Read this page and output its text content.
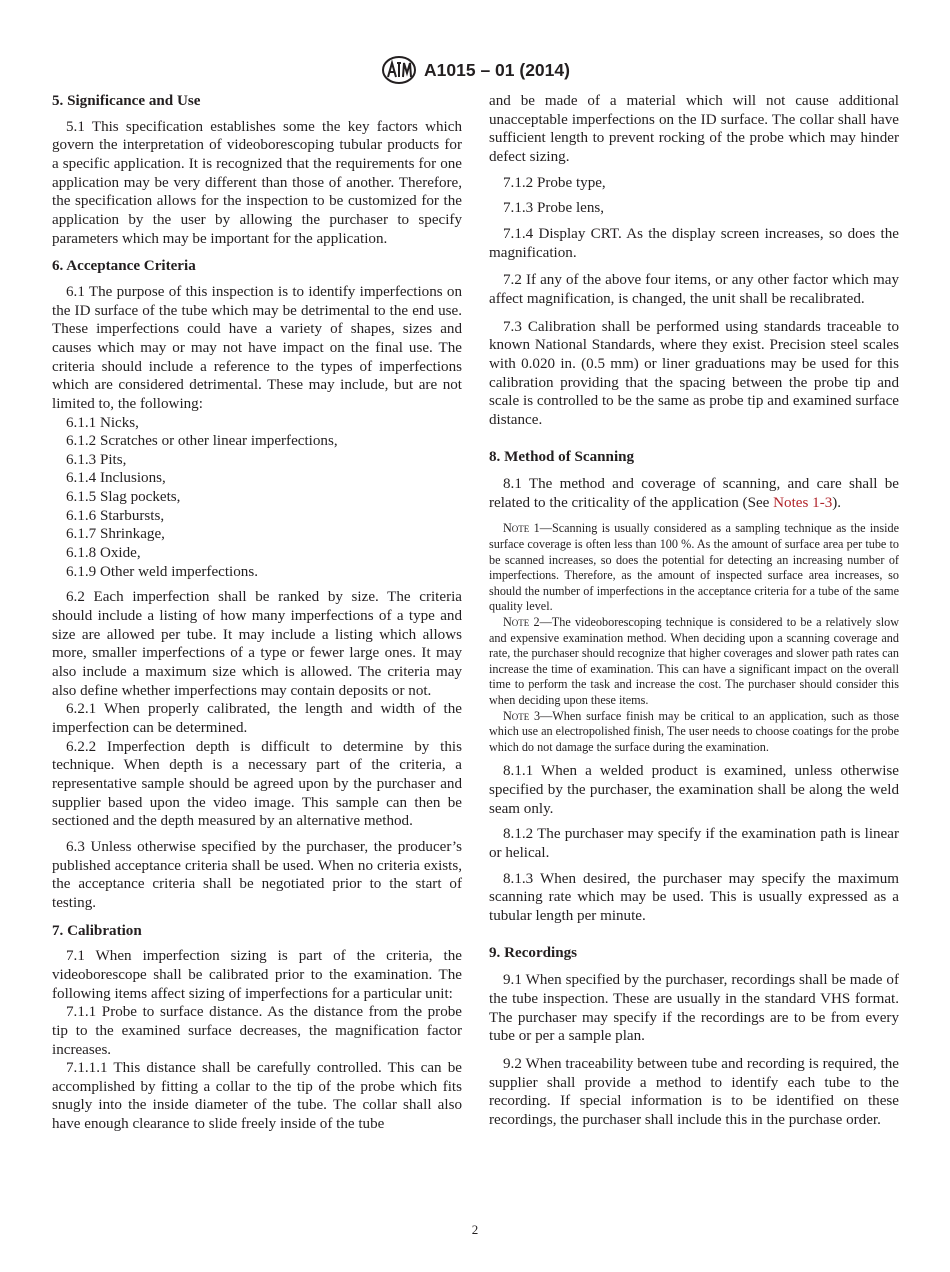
A1015 – 01 (2014)

5. Significance and Use

5.1 This specification establishes some the key factors which govern the interpretation of videoborescoping tubular products for a specific application. It is recognized that the requirements for one application may be very different than those of another. Therefore, the specification allows for the inspection to be customized for the application by the user by allowing the purchaser to specify parameters which may be important for the application.

6. Acceptance Criteria

6.1 The purpose of this inspection is to identify imperfections on the ID surface of the tube which may be detrimental to the end use. These imperfections could have a variety of shapes, sizes and causes which may or may not have impact on the final use. The criteria should include a reference to the types of imperfections which are considered detrimental. These may include, but are not limited to, the following:

6.1.1 Nicks,

6.1.2 Scratches or other linear imperfections,

6.1.3 Pits,

6.1.4 Inclusions,

6.1.5 Slag pockets,

6.1.6 Starbursts,

6.1.7 Shrinkage,

6.1.8 Oxide,

6.1.9 Other weld imperfections.

6.2 Each imperfection shall be ranked by size. The criteria should include a listing of how many imperfections of a type and size are allowed per tube. It may include a listing which allows more, smaller imperfections of a type or fewer large ones. It may also include a maximum size which is allowed. The criteria may also define whether imperfections may contain deposits or not.

6.2.1 When properly calibrated, the length and width of the imperfection can be determined.

6.2.2 Imperfection depth is difficult to determine by this technique. When depth is a necessary part of the criteria, a representative sample should be agreed upon by the purchaser and supplier based upon the video image. This sample can then be sectioned and the depth measured by an alternative method.

6.3 Unless otherwise specified by the purchaser, the producer’s published acceptance criteria shall be used. When no criteria exists, the acceptance criteria shall be negotiated prior to the start of testing.

7. Calibration

7.1 When imperfection sizing is part of the criteria, the videoborescope shall be calibrated prior to the examination. The following items affect sizing of imperfections for a particular unit:

7.1.1 Probe to surface distance. As the distance from the probe tip to the examined surface decreases, the magnification factor increases.

7.1.1.1 This distance shall be carefully controlled. This can be accomplished by fitting a collar to the tip of the probe which fits snugly into the inside diameter of the tube. The collar shall also have enough clearance to slide freely inside of the tube

and be made of a material which will not cause additional unacceptable imperfections on the ID surface. The collar shall have sufficient length to prevent rocking of the probe which may hinder defect sizing.

7.1.2 Probe type,

7.1.3 Probe lens,

7.1.4 Display CRT. As the display screen increases, so does the magnification.

7.2 If any of the above four items, or any other factor which may affect magnification, is changed, the unit shall be recalibrated.

7.3 Calibration shall be performed using standards traceable to known National Standards, where they exist. Precision steel scales with 0.020 in. (0.5 mm) or liner graduations may be used for this calibration providing that the spacing between the probe tip and scale is controlled to be the same as probe tip and examined surface distance.

8. Method of Scanning

8.1 The method and coverage of scanning, and care shall be related to the criticality of the application (See Notes 1-3).

Note 1—Scanning is usually considered as a sampling technique as the inside surface coverage is often less than 100 %. As the amount of surface area per tube to be scanned increases, so does the potential for detecting an increasing number of imperfections. Therefore, as the amount of inspected surface area increases, so should the number of imperfections in the acceptance criteria for a tube of the same quality level.

Note 2—The videoborescoping technique is considered to be a relatively slow and expensive examination method. When deciding upon a scanning coverage and rate, the purchaser should recognize that higher coverages and slower path rates can increase the time of examination. This can have a significant impact on the overall time to perform the task and increase the cost. The purchaser should consider this when deciding upon these items.

Note 3—When surface finish may be critical to an application, such as those which use an electropolished finish, The user needs to choose coatings for the probe which do not damage the surface during the examination.

8.1.1 When a welded product is examined, unless otherwise specified by the purchaser, the examination shall be along the weld seam only.

8.1.2 The purchaser may specify if the examination path is linear or helical.

8.1.3 When desired, the purchaser may specify the maximum scanning rate which may be used. This is usually expressed as a tubular length per minute.

9. Recordings

9.1 When specified by the purchaser, recordings shall be made of the tube inspection. These are usually in the standard VHS format. The purchaser may specify if the recordings are to be from every tube or per a sample plan.

9.2 When traceability between tube and recording is required, the supplier shall provide a method to identify each tube to the recording. If special information is to be identified on these recordings, the purchaser shall include this in the purchase order.

2
